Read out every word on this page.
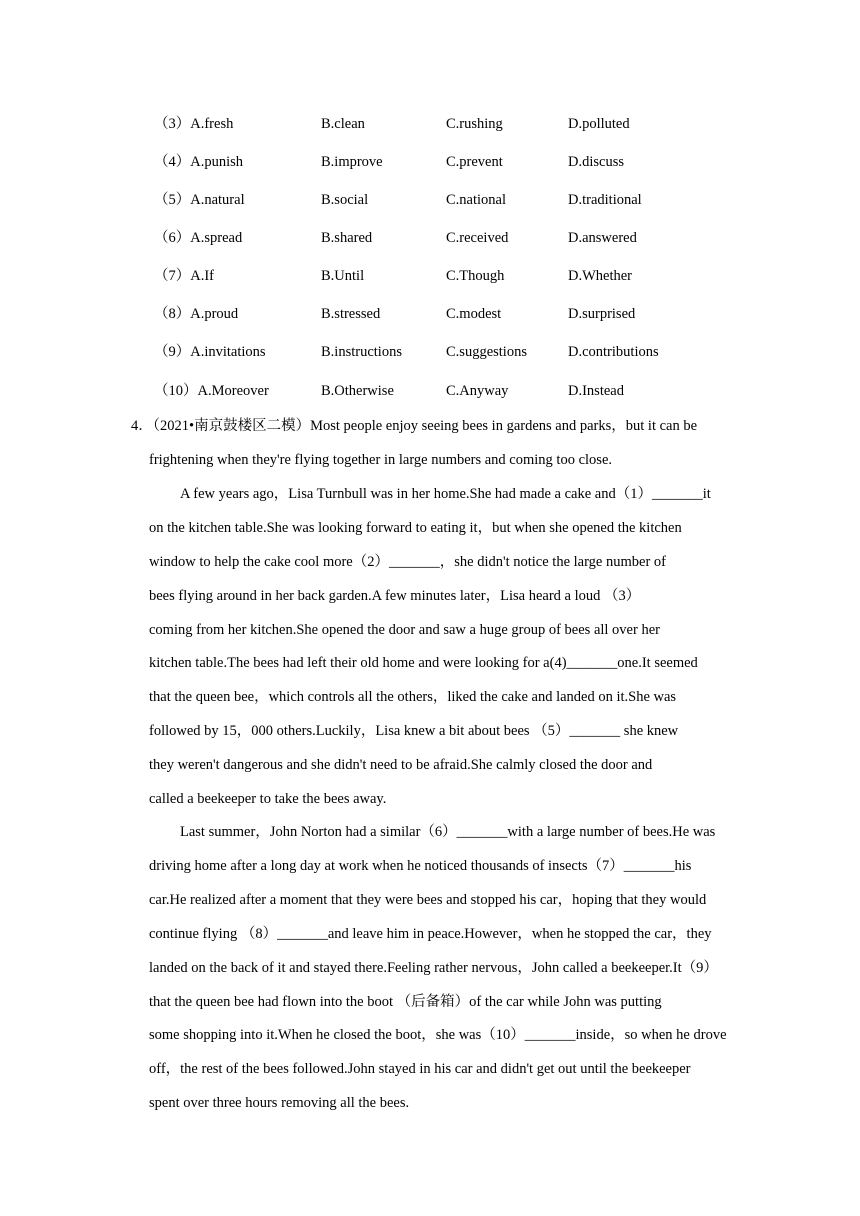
（3）A.fresh	B.clean	C.rushing	D.polluted
（4）A.punish	B.improve	C.prevent	D.discuss
（5）A.natural	B.social	C.national	D.traditional
（6）A.spread	B.shared	C.received	D.answered
（7）A.If	B.Until	C.Though	D.Whether
（8）A.proud	B.stressed	C.modest	D.surprised
（9）A.invitations	B.instructions	C.suggestions	D.contributions
（10）A.Moreover	B.Otherwise	C.Anyway	D.Instead
4．（2021•南京鼓楼区二模）Most people enjoy seeing bees in gardens and parks，but it can be
frightening when they're flying together in large numbers and coming too close.
A few years ago，Lisa Turnbull was in her home.She had made a cake and（1）_______it
on the kitchen table.She was looking forward to eating it，but when she opened the kitchen
window to help the cake cool more（2）_______，she didn't notice the large number of
bees flying around in her back garden.A few minutes later，Lisa heard a loud （3）
coming from her kitchen.She opened the door and saw a huge group of bees all over her
kitchen table.The bees had left their old home and were looking for a(4)_______one.It seemed
that the queen bee，which controls all the others，liked the cake and landed on it.She was
followed by 15，000 others.Luckily，Lisa knew a bit about bees （5）_______ she knew
they weren't dangerous and she didn't need to be afraid.She calmly closed the door and
called a beekeeper to take the bees away.
Last summer，John Norton had a similar（6）_______with a large number of bees.He was
driving home after a long day at work when he noticed thousands of insects（7）_______his
car.He realized after a moment that they were bees and stopped his car，hoping that they would
continue flying （8）_______and leave him in peace.However，when he stopped the car，they
landed on the back of it and stayed there.Feeling rather nervous，John called a beekeeper.It（9）
that the queen bee had flown into the boot （后备箱）of the car while John was putting
some shopping into it.When he closed the boot，she was（10）_______inside，so when he drove
off，the rest of the bees followed.John stayed in his car and didn't get out until the beekeeper
spent over three hours removing all the bees.
